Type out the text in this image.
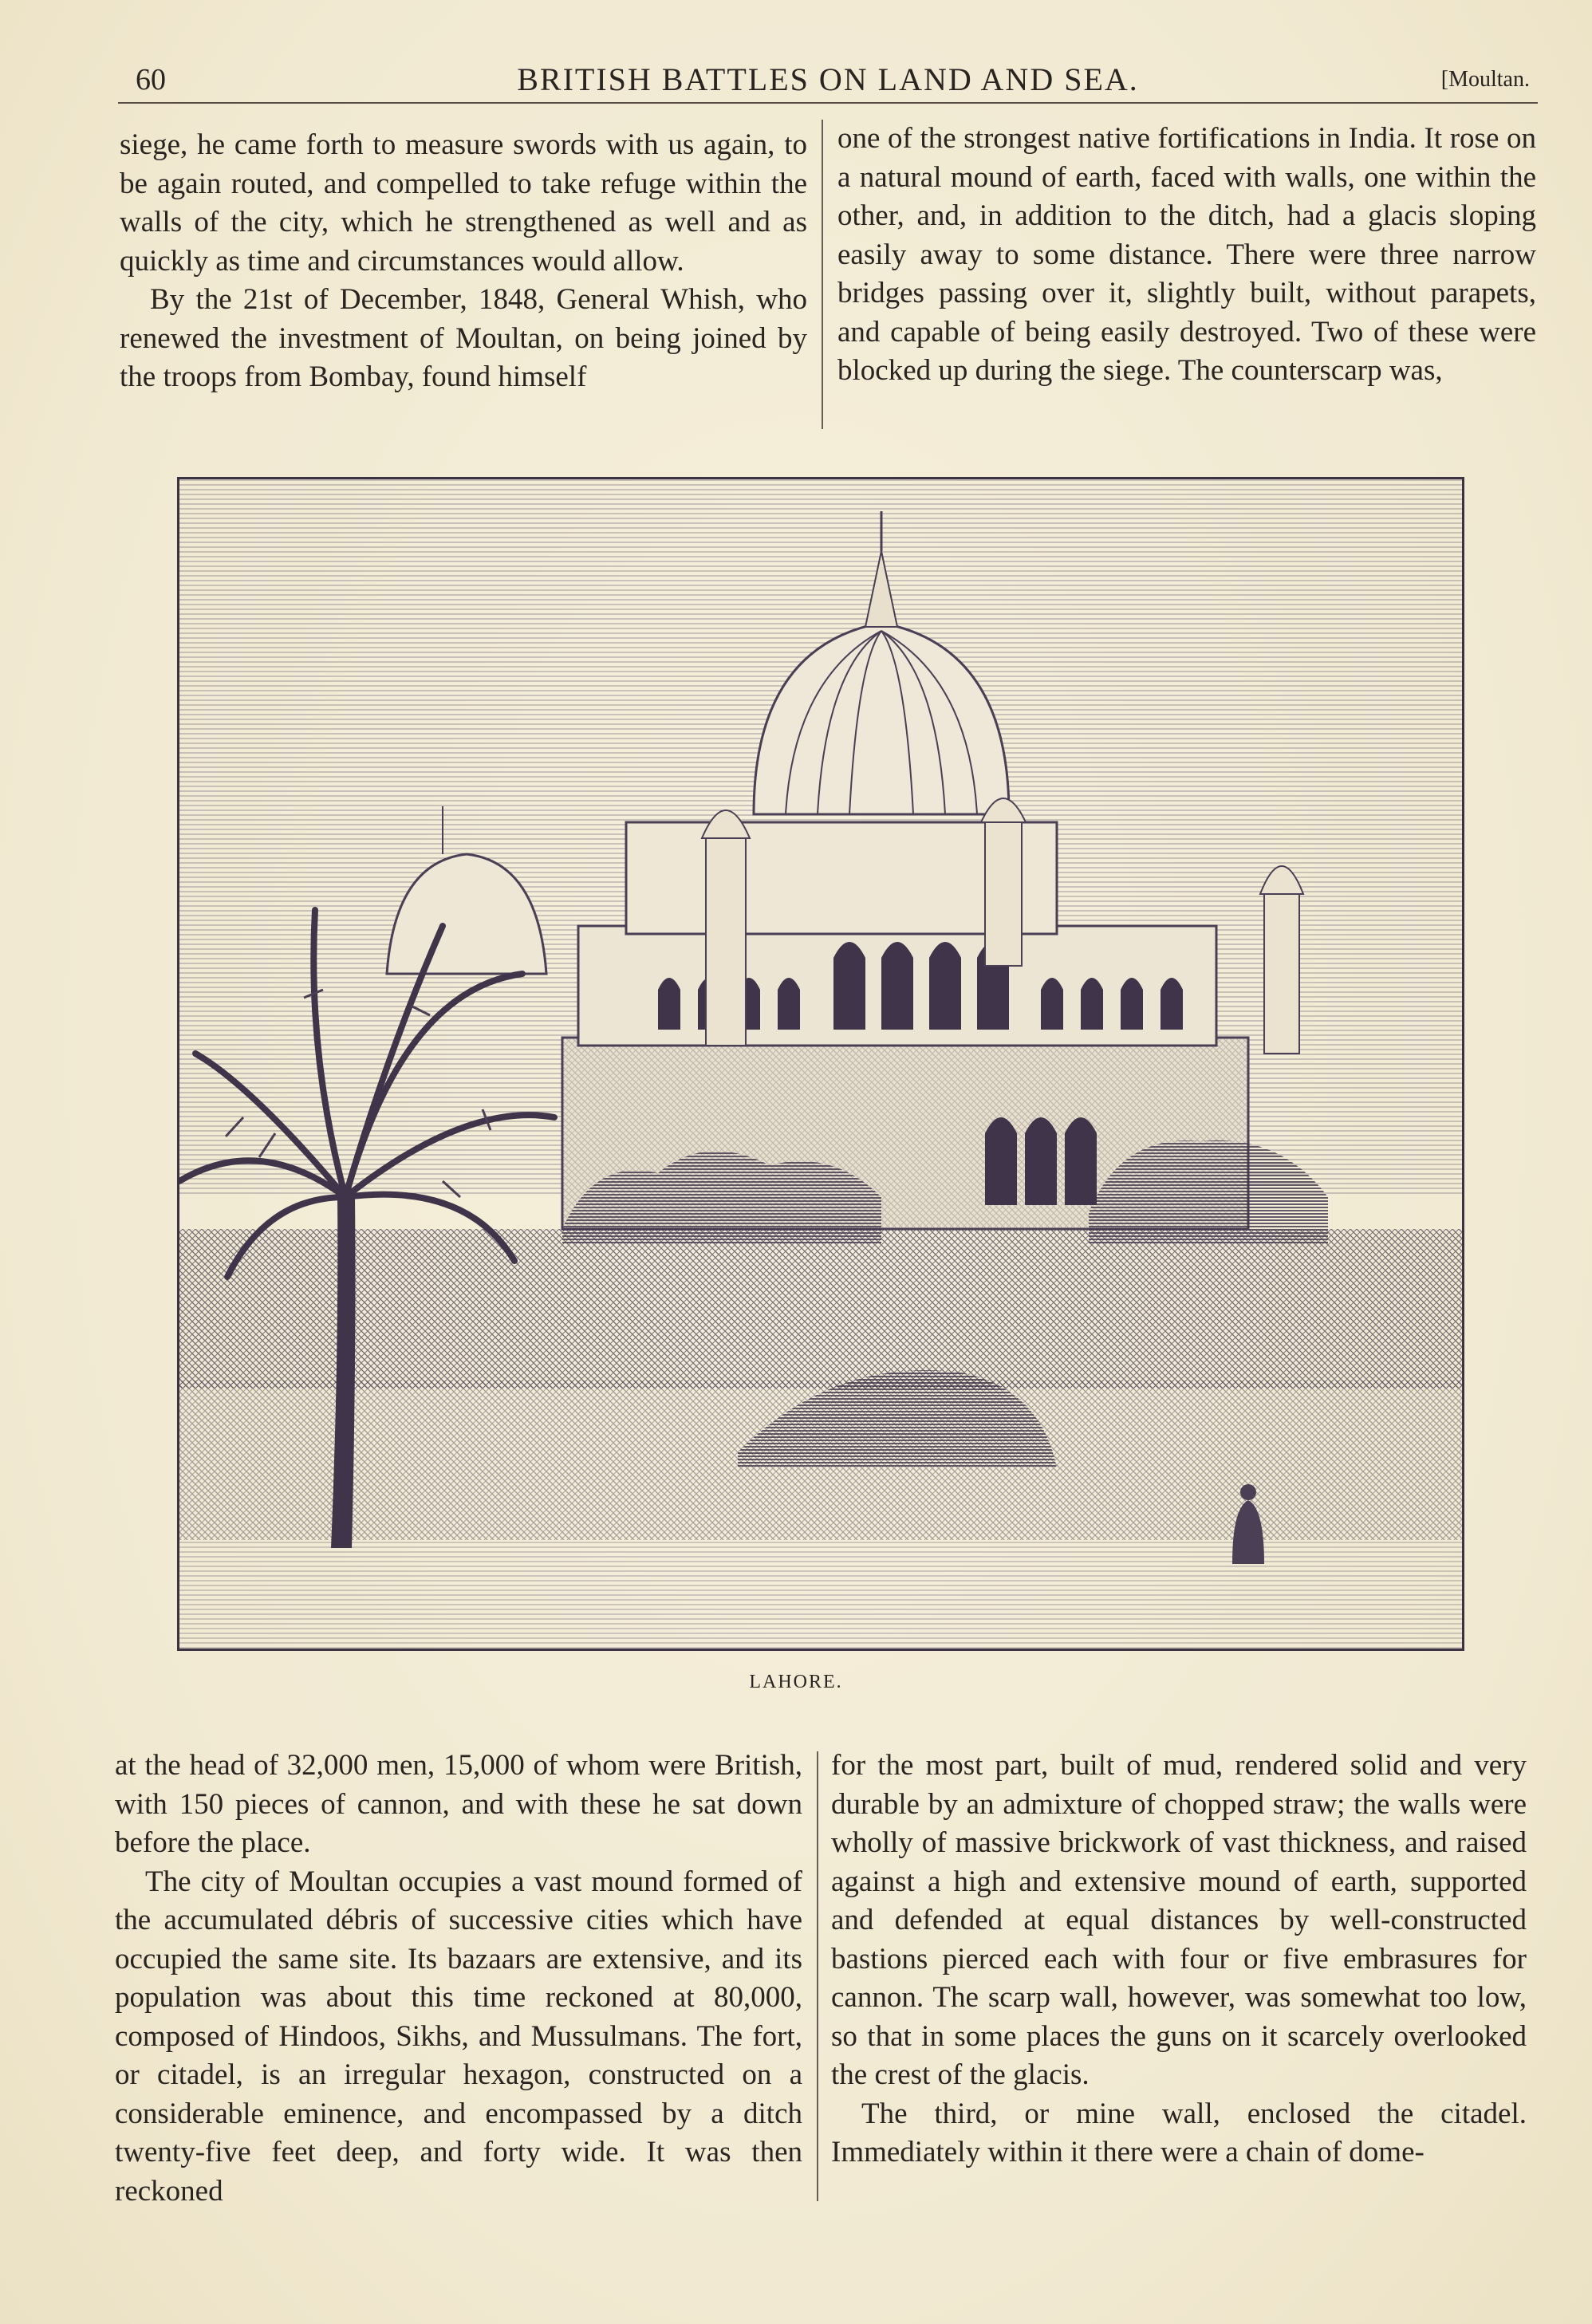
60	BRITISH BATTLES ON LAND AND SEA.	[Moultan.

siege, he came forth to measure swords with us again, to be again routed, and compelled to take refuge within the walls of the city, which he strengthened as well and as quickly as time and circumstances would allow.

By the 21st of December, 1848, General Whish, who renewed the investment of Moultan, on being joined by the troops from Bombay, found himself

one of the strongest native fortifications in India. It rose on a natural mound of earth, faced with walls, one within the other, and, in addition to the ditch, had a glacis sloping easily away to some distance. There were three narrow bridges passing over it, slightly built, without parapets, and capable of being easily destroyed. Two of these were blocked up during the siege. The counterscarp was,

LAHORE.

at the head of 32,000 men, 15,000 of whom were British, with 150 pieces of cannon, and with these he sat down before the place.

The city of Moultan occupies a vast mound formed of the accumulated débris of successive cities which have occupied the same site. Its bazaars are extensive, and its population was about this time reckoned at 80,000, composed of Hindoos, Sikhs, and Mussulmans. The fort, or citadel, is an irregular hexagon, constructed on a considerable eminence, and encompassed by a ditch twenty-five feet deep, and forty wide. It was then reckoned

for the most part, built of mud, rendered solid and very durable by an admixture of chopped straw; the walls were wholly of massive brickwork of vast thickness, and raised against a high and extensive mound of earth, supported and defended at equal distances by well-constructed bastions pierced each with four or five embrasures for cannon. The scarp wall, however, was somewhat too low, so that in some places the guns on it scarcely overlooked the crest of the glacis.

The third, or mine wall, enclosed the citadel. Immediately within it there were a chain of dome-
